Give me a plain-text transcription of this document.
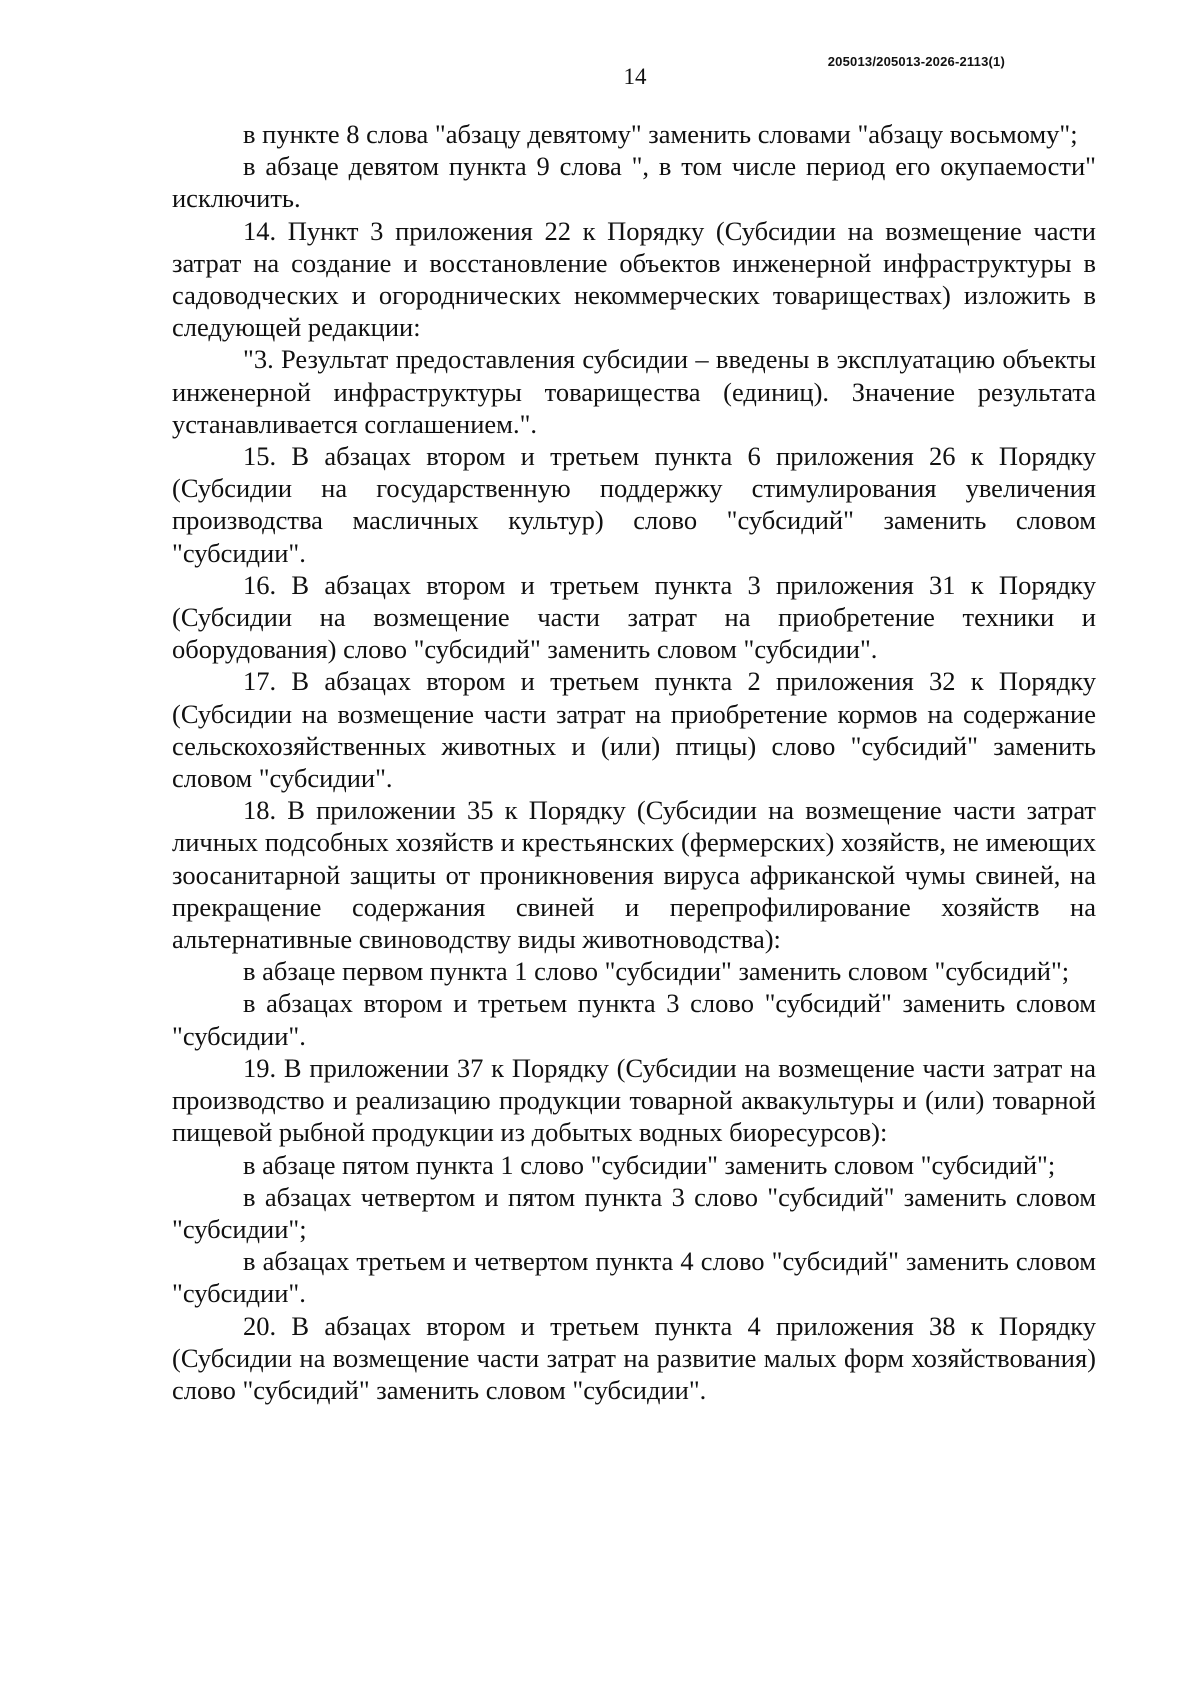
205013/205013-2026-2113(1)
14

в пункте 8 слова "абзацу девятому" заменить словами "абзацу восьмому";

в абзаце девятом пункта 9 слова ", в том числе период его окупаемости" исключить.

14. Пункт 3 приложения 22 к Порядку (Субсидии на возмещение части затрат на создание и восстановление объектов инженерной инфраструктуры в садоводческих и огороднических некоммерческих товариществах) изложить в следующей редакции:

"3. Результат предоставления субсидии – введены в эксплуатацию объекты инженерной инфраструктуры товарищества (единиц). Значение результата устанавливается соглашением.".

15. В абзацах втором и третьем пункта 6 приложения 26 к Порядку (Субсидии на государственную поддержку стимулирования увеличения производства масличных культур) слово "субсидий" заменить словом "субсидии".

16. В абзацах втором и третьем пункта 3 приложения 31 к Порядку (Субсидии на возмещение части затрат на приобретение техники и оборудования) слово "субсидий" заменить словом "субсидии".

17. В абзацах втором и третьем пункта 2 приложения 32 к Порядку (Субсидии на возмещение части затрат на приобретение кормов на содержание сельскохозяйственных животных и (или) птицы) слово "субсидий" заменить словом "субсидии".

18. В приложении 35 к Порядку (Субсидии на возмещение части затрат личных подсобных хозяйств и крестьянских (фермерских) хозяйств, не имеющих зоосанитарной защиты от проникновения вируса африканской чумы свиней, на прекращение содержания свиней и перепрофилирование хозяйств на альтернативные свиноводству виды животноводства):

в абзаце первом пункта 1 слово "субсидии" заменить словом "субсидий";

в абзацах втором и третьем пункта 3 слово "субсидий" заменить словом "субсидии".

19. В приложении 37 к Порядку (Субсидии на возмещение части затрат на производство и реализацию продукции товарной аквакультуры и (или) товарной пищевой рыбной продукции из добытых водных биоресурсов):

в абзаце пятом пункта 1 слово "субсидии" заменить словом "субсидий";

в абзацах четвертом и пятом пункта 3 слово "субсидий" заменить словом "субсидии";

в абзацах третьем и четвертом пункта 4 слово "субсидий" заменить словом "субсидии".

20. В абзацах втором и третьем пункта 4 приложения 38 к Порядку (Субсидии на возмещение части затрат на развитие малых форм хозяйствования) слово "субсидий" заменить словом "субсидии".
